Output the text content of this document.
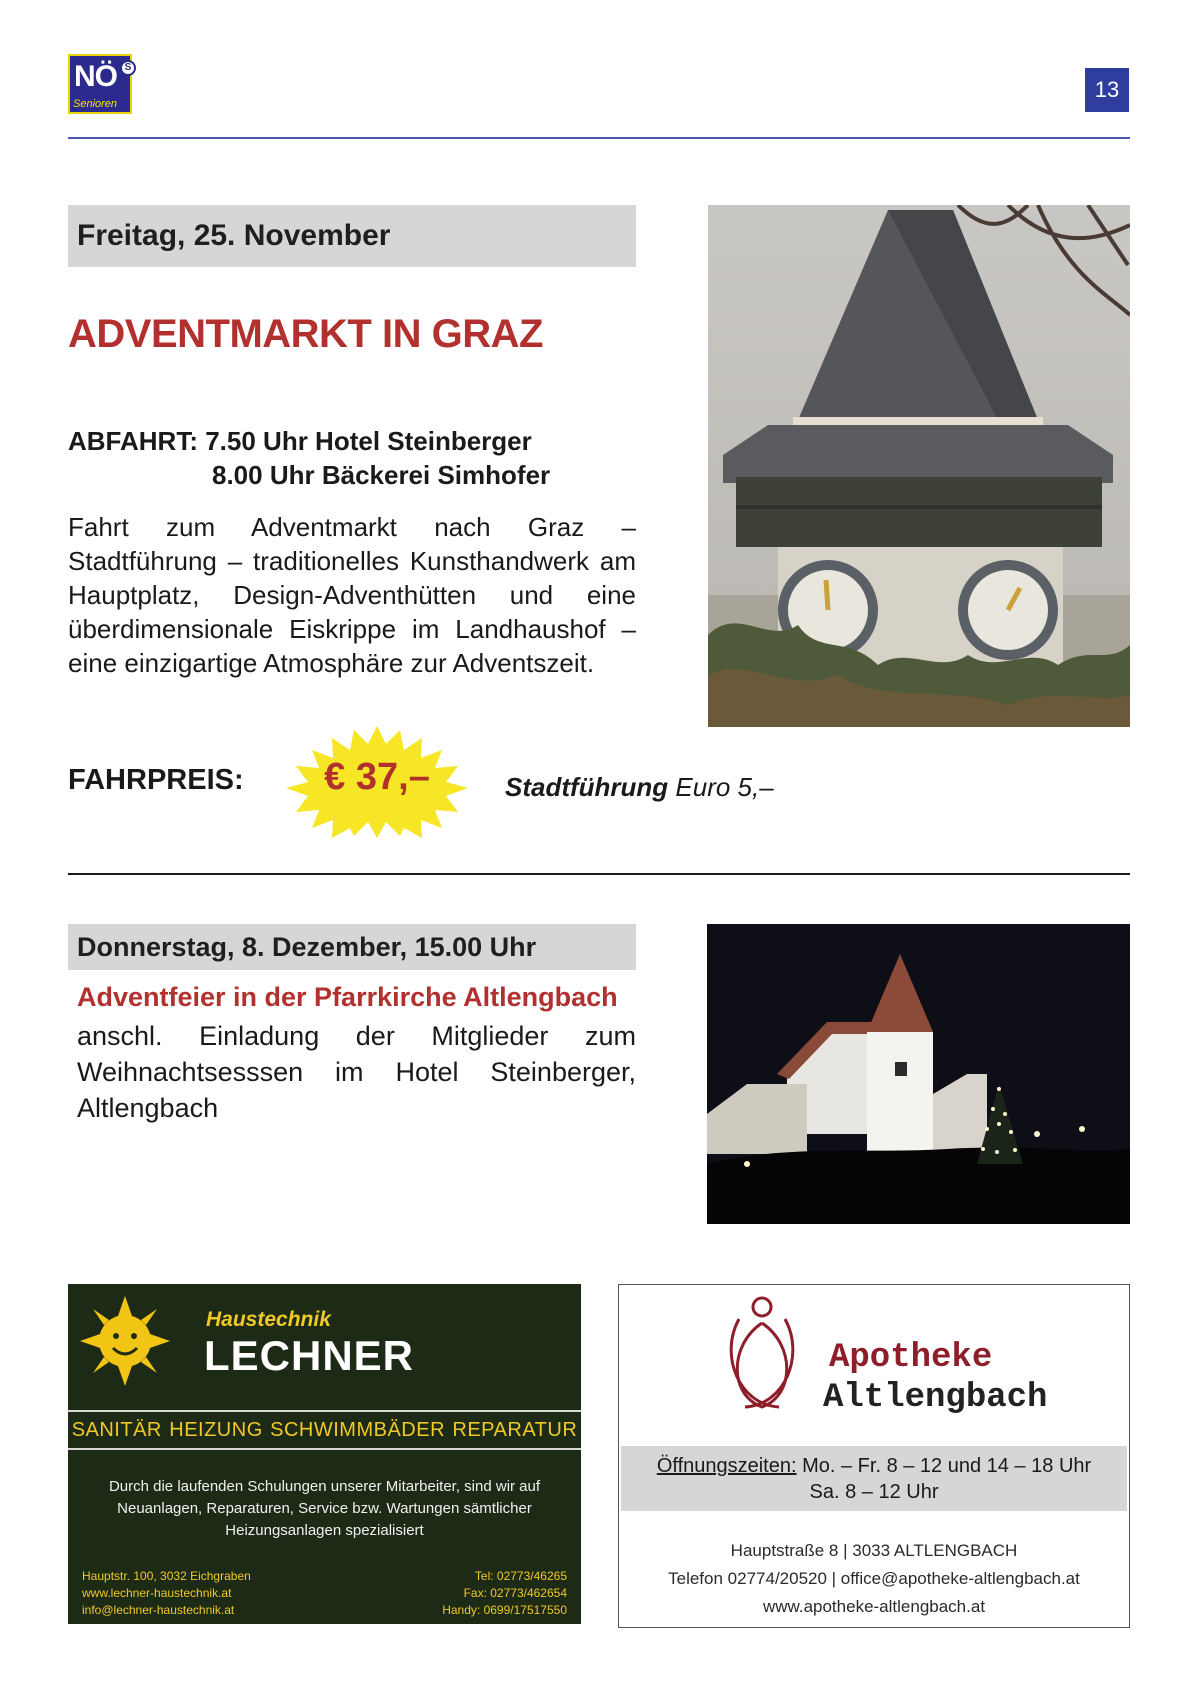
NÖ S
Senioren
13
Freitag, 25. November
ADVENTMARKT IN GRAZ
ABFAHRT: 7.50 Uhr Hotel Steinberger
8.00 Uhr Bäckerei Simhofer
Fahrt zum Adventmarkt nach Graz – Stadtführung – traditionelles Kunsthandwerk am Hauptplatz, Design-Adventhütten und eine überdimensionale Eiskrippe im Landhaushof – eine einzigartige Atmosphäre zur Adventszeit.
FAHRPREIS:	€ 37,–	Stadtführung Euro 5,–
Donnerstag, 8. Dezember, 15.00 Uhr
Adventfeier in der Pfarrkirche Altlengbach
anschl. Einladung der Mitglieder zum Weihnachtsesssen im Hotel Steinberger, Altlengbach
Haustechnik
LECHNER
SANITÄR HEIZUNG SCHWIMMBÄDER REPARATUR
Durch die laufenden Schulungen unserer Mitarbeiter, sind wir auf
Neuanlagen, Reparaturen, Service bzw. Wartungen sämtlicher
Heizungsanlagen spezialisiert
Hauptstr. 100, 3032 Eichgraben
www.lechner-haustechnik.at
info@lechner-haustechnik.at
Tel: 02773/46265
Fax: 02773/462654
Handy: 0699/17517550
Apotheke
Altlengbach
Öffnungszeiten: Mo. – Fr. 8 – 12 und 14 – 18 Uhr
Sa. 8 – 12 Uhr
Hauptstraße 8 | 3033 ALTLENGBACH
Telefon 02774/20520 | office@apotheke-altlengbach.at
www.apotheke-altlengbach.at
